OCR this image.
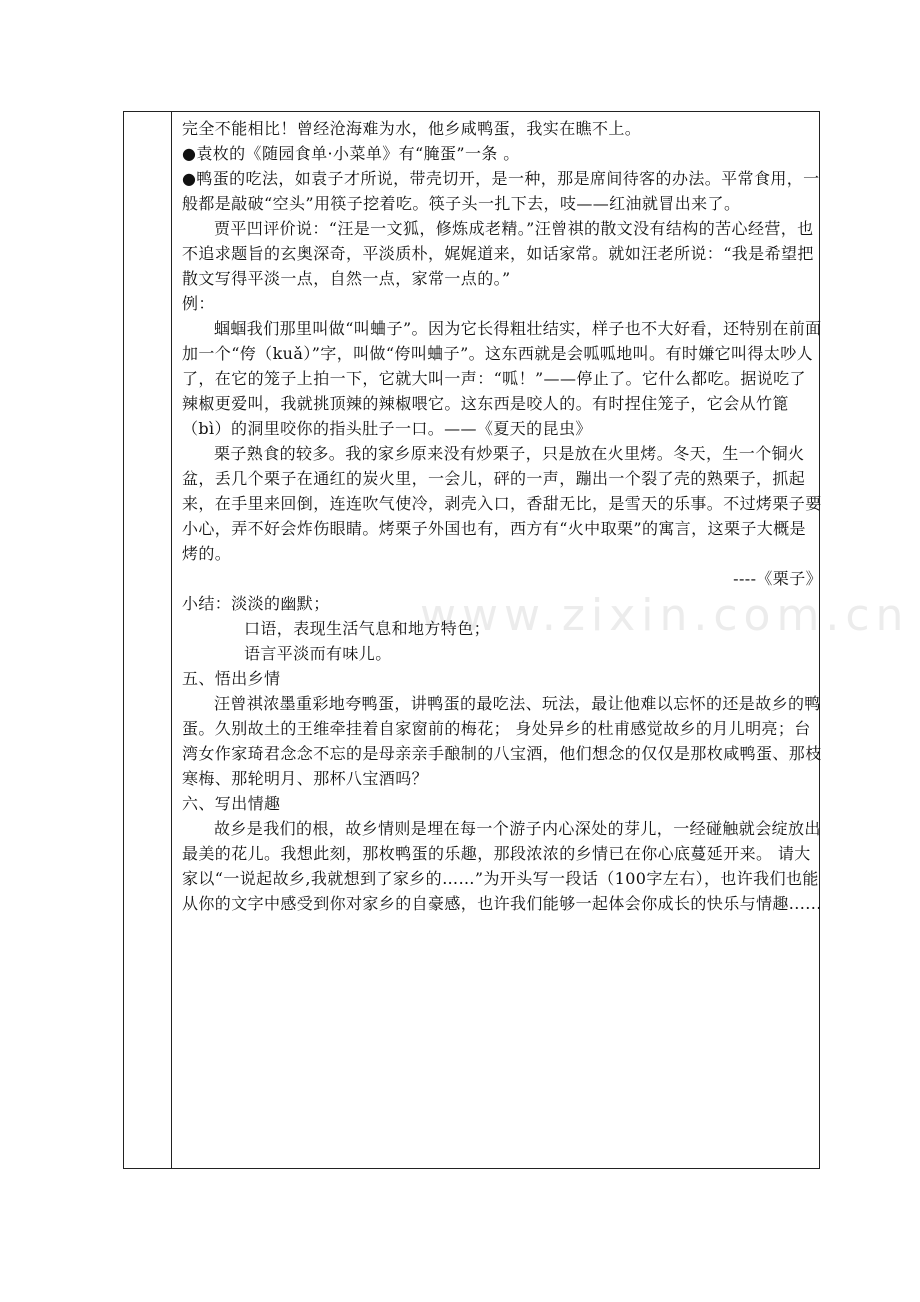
www.zixin.com.cn

完全不能相比！曾经沧海难为水，他乡咸鸭蛋，我实在瞧不上。

●袁枚的《随园食单·小菜单》有“腌蛋”一条 。

●鸭蛋的吃法，如袁子才所说，带壳切开，是一种，那是席间待客的办法。平常食用，一般都是敲破“空头”用筷子挖着吃。筷子头一扎下去，吱——红油就冒出来了。

贾平凹评价说：“汪是一文狐，修炼成老精。”汪曾祺的散文没有结构的苦心经营，也不追求题旨的玄奥深奇，平淡质朴，娓娓道来，如话家常。就如汪老所说：“我是希望把散文写得平淡一点，自然一点，家常一点的。”

例：

蝈蝈我们那里叫做“叫蛐子”。因为它长得粗壮结实，样子也不大好看，还特别在前面加一个“侉（kuǎ）”字，叫做“侉叫蛐子”。这东西就是会呱呱地叫。有时嫌它叫得太吵人了，在它的笼子上拍一下，它就大叫一声：“呱！”——停止了。它什么都吃。据说吃了辣椒更爱叫，我就挑顶辣的辣椒喂它。这东西是咬人的。有时捏住笼子，它会从竹篦（bì）的洞里咬你的指头肚子一口。——《夏天的昆虫》

栗子熟食的较多。我的家乡原来没有炒栗子，只是放在火里烤。冬天，生一个铜火盆，丢几个栗子在通红的炭火里，一会儿，砰的一声，蹦出一个裂了壳的熟栗子，抓起来，在手里来回倒，连连吹气使冷，剥壳入口，香甜无比，是雪天的乐事。不过烤栗子要小心，弄不好会炸伤眼睛。烤栗子外国也有，西方有“火中取栗”的寓言，这栗子大概是烤的。

----《栗子》

小结：淡淡的幽默；

口语，表现生活气息和地方特色；

语言平淡而有味儿。

五、悟出乡情

汪曾祺浓墨重彩地夸鸭蛋，讲鸭蛋的最吃法、玩法，最让他难以忘怀的还是故乡的鸭蛋。久别故土的王维牵挂着自家窗前的梅花； 身处异乡的杜甫感觉故乡的月儿明亮；台湾女作家琦君念念不忘的是母亲亲手酿制的八宝酒，他们想念的仅仅是那枚咸鸭蛋、那枝寒梅、那轮明月、那杯八宝酒吗？

六、写出情趣

故乡是我们的根，故乡情则是埋在每一个游子内心深处的芽儿，一经碰触就会绽放出最美的花儿。我想此刻，那枚鸭蛋的乐趣，那段浓浓的乡情已在你心底蔓延开来。 请大家以“一说起故乡,我就想到了家乡的……”为开头写一段话（100字左右），也许我们也能从你的文字中感受到你对家乡的自豪感，也许我们能够一起体会你成长的快乐与情趣......
